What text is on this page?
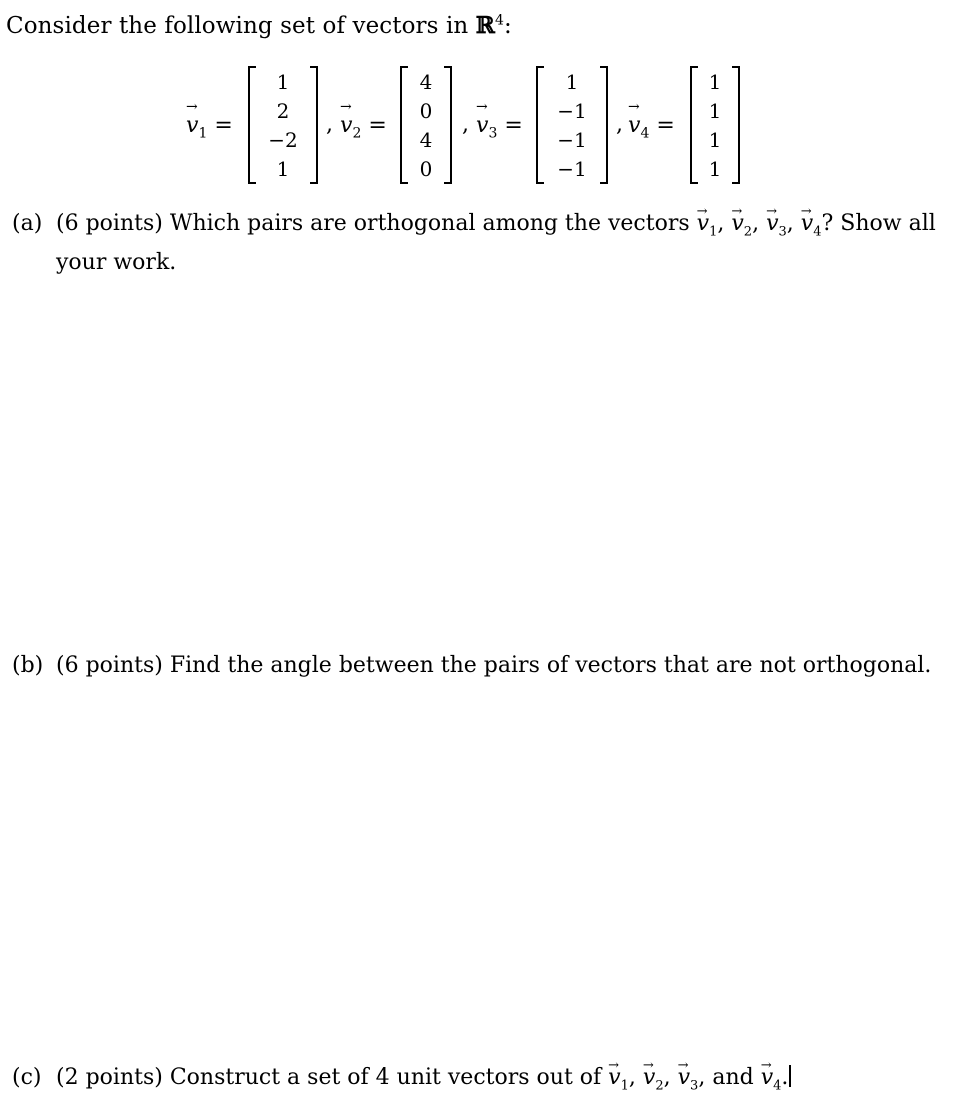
Consider the following set of vectors in ℝ$^4$:
→ $v_1$ =
1
2
−2
1
, → $v_2$ =
4
0
4
0
, → $v_3$ =
1
−1
−1
−1
, → $v_4$ =
1
1
1
1
(a) (6 points) Which pairs are orthogonal among the vectors → $v_1$, → $v_2$, → $v_3$, → $v_4$? Show all
your work.
(b) (6 points) Find the angle between the pairs of vectors that are not orthogonal.
(c) (2 points) Construct a set of 4 unit vectors out of → $v_1$, → $v_2$, → $v_3$, and → $v_4$.
